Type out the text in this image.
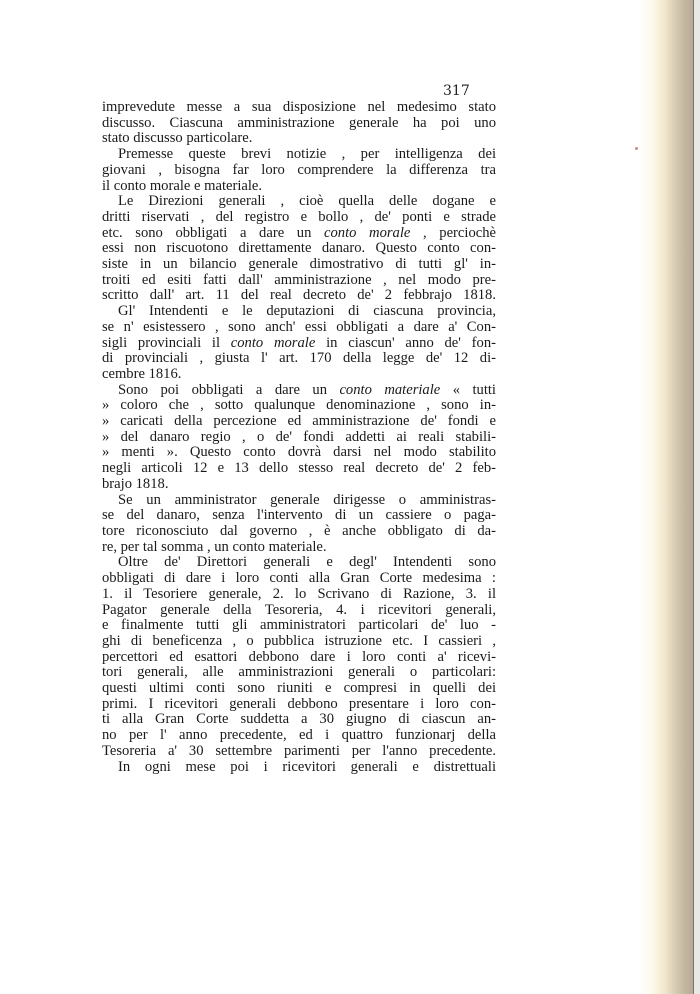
317
imprevedute messe a sua disposizione nel medesimo stato
discusso. Ciascuna amministrazione generale ha poi uno
stato discusso particolare.
Premesse queste brevi notizie , per intelligenza dei
giovani , bisogna far loro comprendere la differenza tra
il conto morale e materiale.
Le Direzioni generali , cioè quella delle dogane e
dritti riservati , del registro e bollo , de' ponti e strade
etc. sono obbligati a dare un conto morale , perciochè
essi non riscuotono direttamente danaro. Questo conto con-
siste in un bilancio generale dimostrativo di tutti gl' in-
troiti ed esiti fatti dall' amministrazione , nel modo pre-
scritto dall' art. 11 del real decreto de' 2 febbrajo 1818.
Gl' Intendenti e le deputazioni di ciascuna provincia,
se n' esistessero , sono anch' essi obbligati a dare a' Con-
sigli provinciali il conto morale in ciascun' anno de' fon-
di provinciali , giusta l' art. 170 della legge de' 12 di-
cembre 1816.
Sono poi obbligati a dare un conto materiale « tutti
» coloro che , sotto qualunque denominazione , sono in-
» caricati della percezione ed amministrazione de' fondi e
» del danaro regio , o de' fondi addetti ai reali stabili-
» menti ». Questo conto dovrà darsi nel modo stabilito
negli articoli 12 e 13 dello stesso real decreto de' 2 feb-
brajo 1818.
Se un amministrator generale dirigesse o amministras-
se del danaro, senza l'intervento di un cassiere o paga-
tore riconosciuto dal governo , è anche obbligato di da-
re, per tal somma , un conto materiale.
Oltre de' Direttori generali e degl' Intendenti sono
obbligati di dare i loro conti alla Gran Corte medesima :
1. il Tesoriere generale, 2. lo Scrivano di Razione, 3. il
Pagator generale della Tesoreria, 4. i ricevitori generali,
e finalmente tutti gli amministratori particolari de' luo -
ghi di beneficenza , o pubblica istruzione etc. I cassieri ,
percettori ed esattori debbono dare i loro conti a' ricevi-
tori generali, alle amministrazioni generali o particolari:
questi ultimi conti sono riuniti e compresi in quelli dei
primi. I ricevitori generali debbono presentare i loro con-
ti alla Gran Corte suddetta a 30 giugno di ciascun an-
no per l' anno precedente, ed i quattro funzionarj della
Tesoreria a' 30 settembre parimenti per l'anno precedente.
In ogni mese poi i ricevitori generali e distrettuali
